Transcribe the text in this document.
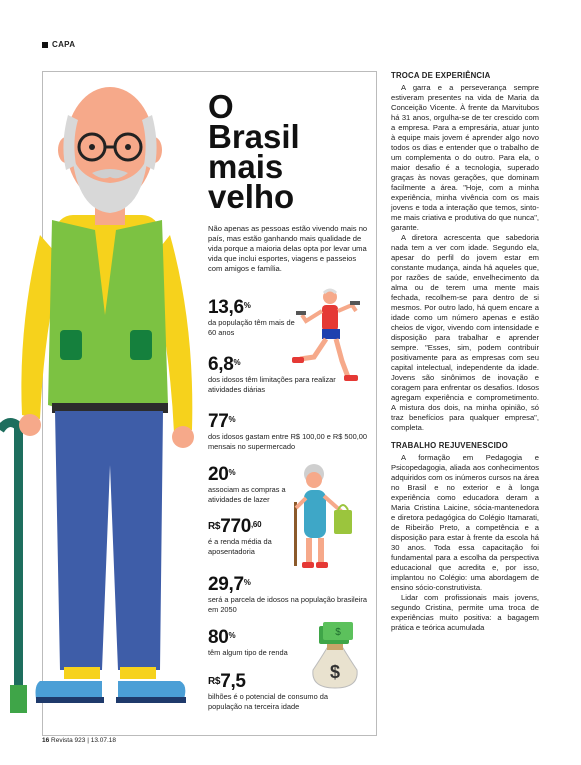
CAPA
$
$
O
Brasil
mais
velho
Não apenas as pessoas estão vivendo mais no país, mas estão ganhando mais qualidade de vida porque a maioria delas opta por levar uma vida que inclui esportes, viagens e passeios com amigos e família.
13,6%
da população têm mais de 60 anos
6,8%
dos idosos têm limitações para realizar atividades diárias
77%
dos idosos gastam entre R$ 100,00 e R$ 500,00 mensais no supermercado
20%
associam as compras a atividades de lazer
$^{R\$}770^{,60}$
é a renda média da aposentadoria
29,7%
será a parcela de idosos na população brasileira em 2050
80%
têm algum tipo de renda
$^{R\$}$7,5
bilhões é o potencial de consumo da população na terceira idade
TROCA DE EXPERIÊNCIA

A garra e a perseverança sempre estiveram presentes na vida de Maria da Conceição Vicente. À frente da Marvitubos há 31 anos, orgulha-se de ter crescido com a empresa. Para a empresária, atuar junto à equipe mais jovem é aprender algo novo todos os dias e entender que o trabalho de um complementa o do outro. Para ela, o maior desafio é a tecnologia, superado graças às novas gerações, que dominam facilmente a área. "Hoje, com a minha experiência, minha vivência com os mais jovens e toda a interação que temos, sinto-me mais criativa e produtiva do que nunca", garante.

A diretora acrescenta que sabedoria nada tem a ver com idade. Segundo ela, apesar do perfil do jovem estar em constante mudança, ainda há aqueles que, por razões de saúde, envelhecimento da alma ou de terem uma mente mais fechada, recolhem-se para dentro de si mesmos. Por outro lado, há quem encare a idade como um número apenas e estão cheios de vigor, vivendo com intensidade e disposição para trabalhar e aprender sempre. "Esses, sim, podem contribuir positivamente para as empresas com seu capital intelectual, independente da idade. Jovens são sinônimos de inovação e coragem para enfrentar os desafios. Idosos agregam experiência e comprometimento. A mistura dos dois, na minha opinião, só traz benefícios para qualquer empresa", completa.

TRABALHO REJUVENESCIDO

A formação em Pedagogia e Psicopedagogia, aliada aos conhecimentos adquiridos com os inúmeros cursos na área no Brasil e no exterior e à longa experiência como educadora deram a Maria Cristina Laicine, sócia-mantenedora e diretora pedagógica do Colégio Itamarati, de Ribeirão Preto, a competência e a disposição para estar à frente da escola há 30 anos. Toda essa capacitação foi fundamental para a escolha da perspectiva educacional que acredita e, por isso, implantou no Colégio: uma abordagem de ensino sócio-construtivista.

Lidar com profissionais mais jovens, segundo Cristina, permite uma troca de experiências muito positiva: a bagagem prática e teórica acumulada

16 Revista 923 | 13.07.18
